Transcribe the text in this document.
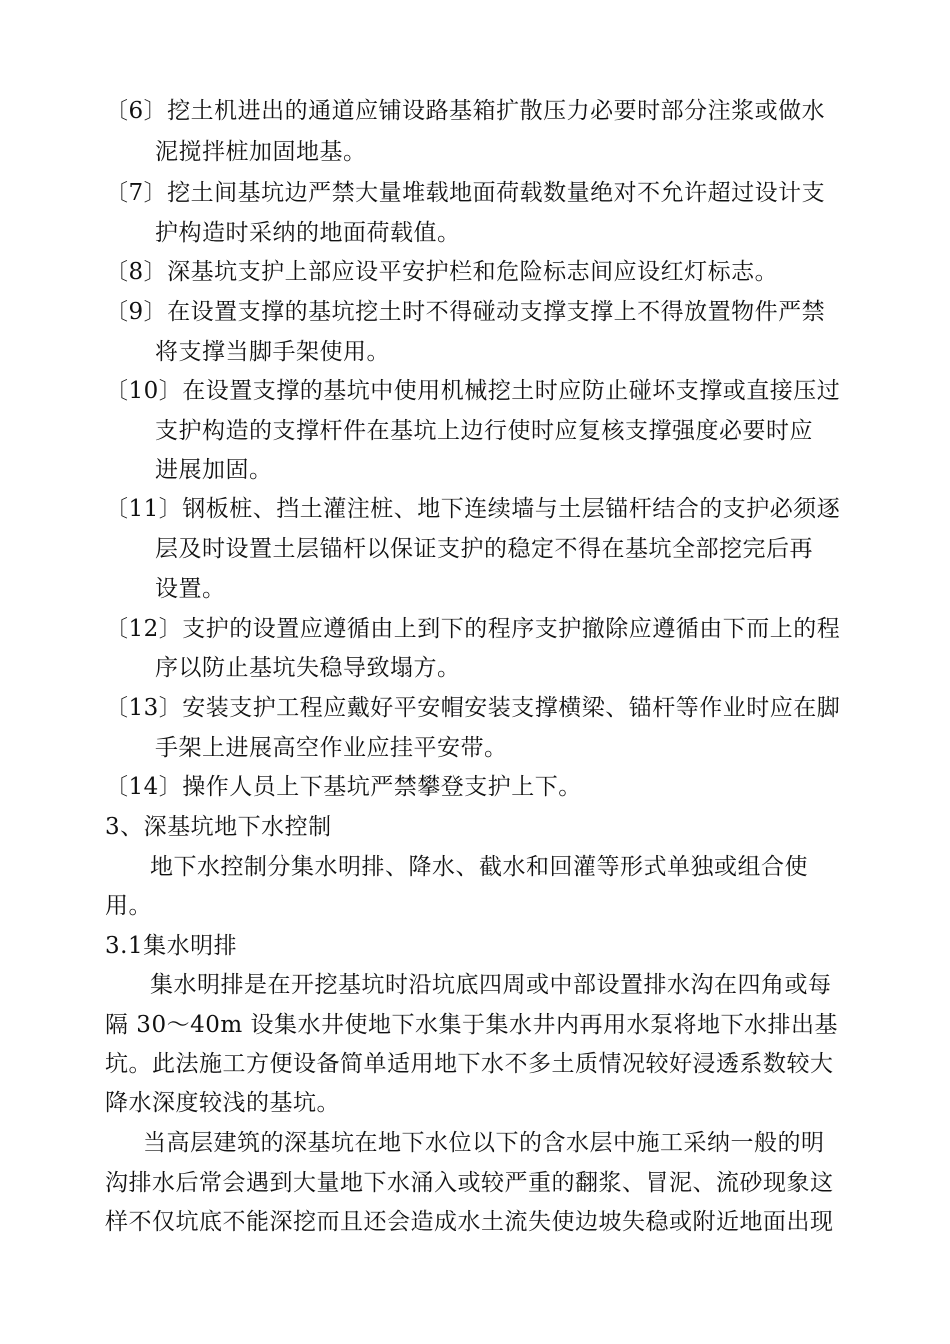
〔6〕挖土机进出的通道应铺设路基箱扩散压力必要时部分注浆或做水
泥搅拌桩加固地基。
〔7〕挖土间基坑边严禁大量堆载地面荷载数量绝对不允许超过设计支
护构造时采纳的地面荷载值。
〔8〕深基坑支护上部应设平安护栏和危险标志间应设红灯标志。
〔9〕在设置支撑的基坑挖土时不得碰动支撑支撑上不得放置物件严禁
将支撑当脚手架使用。
〔10〕在设置支撑的基坑中使用机械挖土时应防止碰坏支撑或直接压过
支护构造的支撑杆件在基坑上边行使时应复核支撑强度必要时应
进展加固。
〔11〕钢板桩、挡土灌注桩、地下连续墙与土层锚杆结合的支护必须逐
层及时设置土层锚杆以保证支护的稳定不得在基坑全部挖完后再
设置。
〔12〕支护的设置应遵循由上到下的程序支护撤除应遵循由下而上的程
序以防止基坑失稳导致塌方。
〔13〕安装支护工程应戴好平安帽安装支撑横梁、锚杆等作业时应在脚
手架上进展高空作业应挂平安带。
〔14〕操作人员上下基坑严禁攀登支护上下。
3、深基坑地下水控制
地下水控制分集水明排、降水、截水和回灌等形式单独或组合使
用。
3.1集水明排
集水明排是在开挖基坑时沿坑底四周或中部设置排水沟在四角或每
隔 30～40m 设集水井使地下水集于集水井内再用水泵将地下水排出基
坑。此法施工方便设备简单适用地下水不多土质情况较好浸透系数较大
降水深度较浅的基坑。
当高层建筑的深基坑在地下水位以下的含水层中施工采纳一般的明
沟排水后常会遇到大量地下水涌入或较严重的翻浆、冒泥、流砂现象这
样不仅坑底不能深挖而且还会造成水土流失使边坡失稳或附近地面出现
